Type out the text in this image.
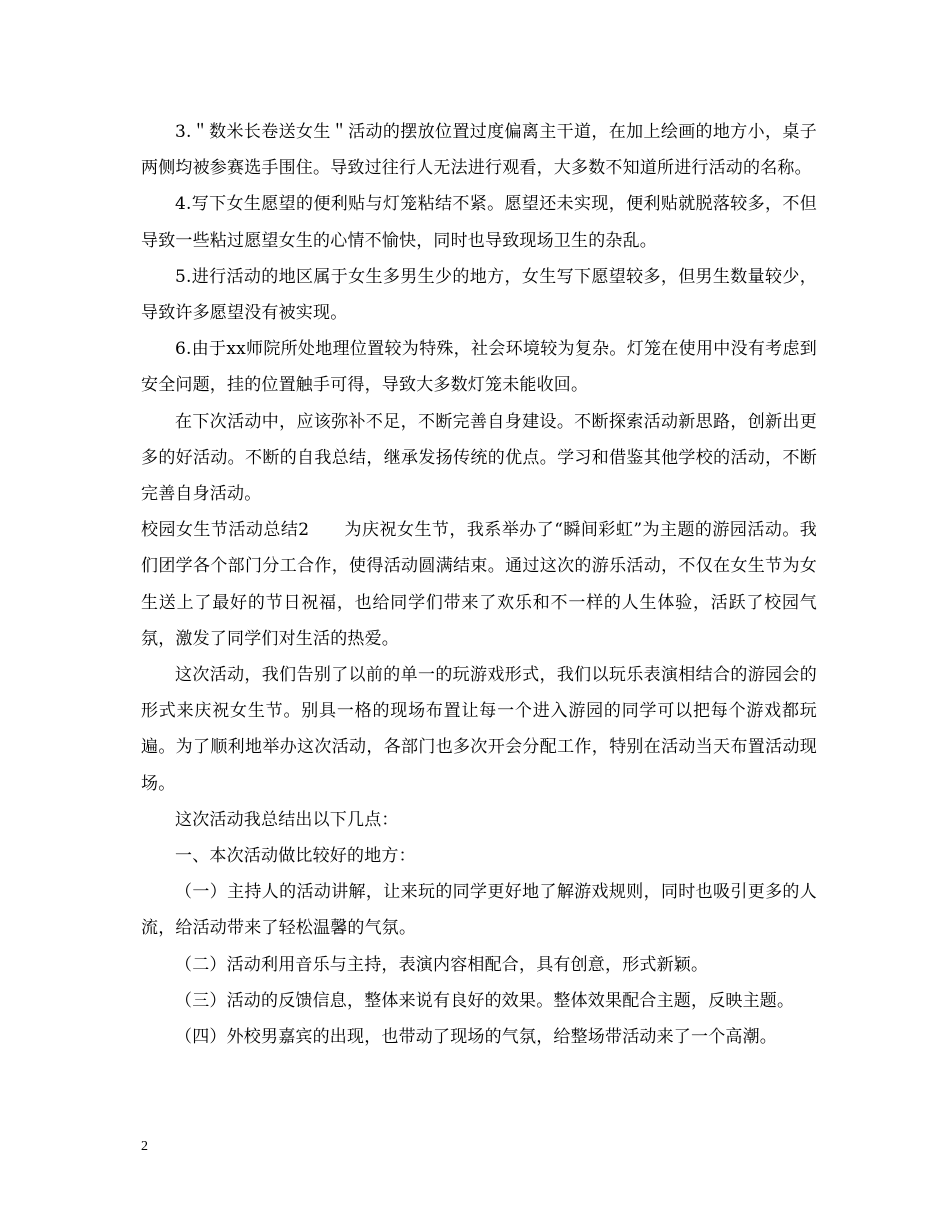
3.＂数米长卷送女生＂活动的摆放位置过度偏离主干道，在加上绘画的地方小，桌子两侧均被参赛选手围住。导致过往行人无法进行观看，大多数不知道所进行活动的名称。

4.写下女生愿望的便利贴与灯笼粘结不紧。愿望还未实现，便利贴就脱落较多，不但导致一些粘过愿望女生的心情不愉快，同时也导致现场卫生的杂乱。

5.进行活动的地区属于女生多男生少的地方，女生写下愿望较多，但男生数量较少，导致许多愿望没有被实现。

6.由于xx师院所处地理位置较为特殊，社会环境较为复杂。灯笼在使用中没有考虑到安全问题，挂的位置触手可得，导致大多数灯笼未能收回。

在下次活动中，应该弥补不足，不断完善自身建设。不断探索活动新思路，创新出更多的好活动。不断的自我总结，继承发扬传统的优点。学习和借鉴其他学校的活动，不断完善自身活动。

校园女生节活动总结2　　为庆祝女生节，我系举办了“瞬间彩虹”为主题的游园活动。我们团学各个部门分工合作，使得活动圆满结束。通过这次的游乐活动，不仅在女生节为女生送上了最好的节日祝福，也给同学们带来了欢乐和不一样的人生体验，活跃了校园气氛，激发了同学们对生活的热爱。

这次活动，我们告别了以前的单一的玩游戏形式，我们以玩乐表演相结合的游园会的形式来庆祝女生节。别具一格的现场布置让每一个进入游园的同学可以把每个游戏都玩遍。为了顺利地举办这次活动，各部门也多次开会分配工作，特别在活动当天布置活动现场。

这次活动我总结出以下几点：

一、本次活动做比较好的地方：

（一）主持人的活动讲解，让来玩的同学更好地了解游戏规则，同时也吸引更多的人流，给活动带来了轻松温馨的气氛。

（二）活动利用音乐与主持，表演内容相配合，具有创意，形式新颖。

（三）活动的反馈信息，整体来说有良好的效果。整体效果配合主题，反映主题。

（四）外校男嘉宾的出现，也带动了现场的气氛，给整场带活动来了一个高潮。

2
